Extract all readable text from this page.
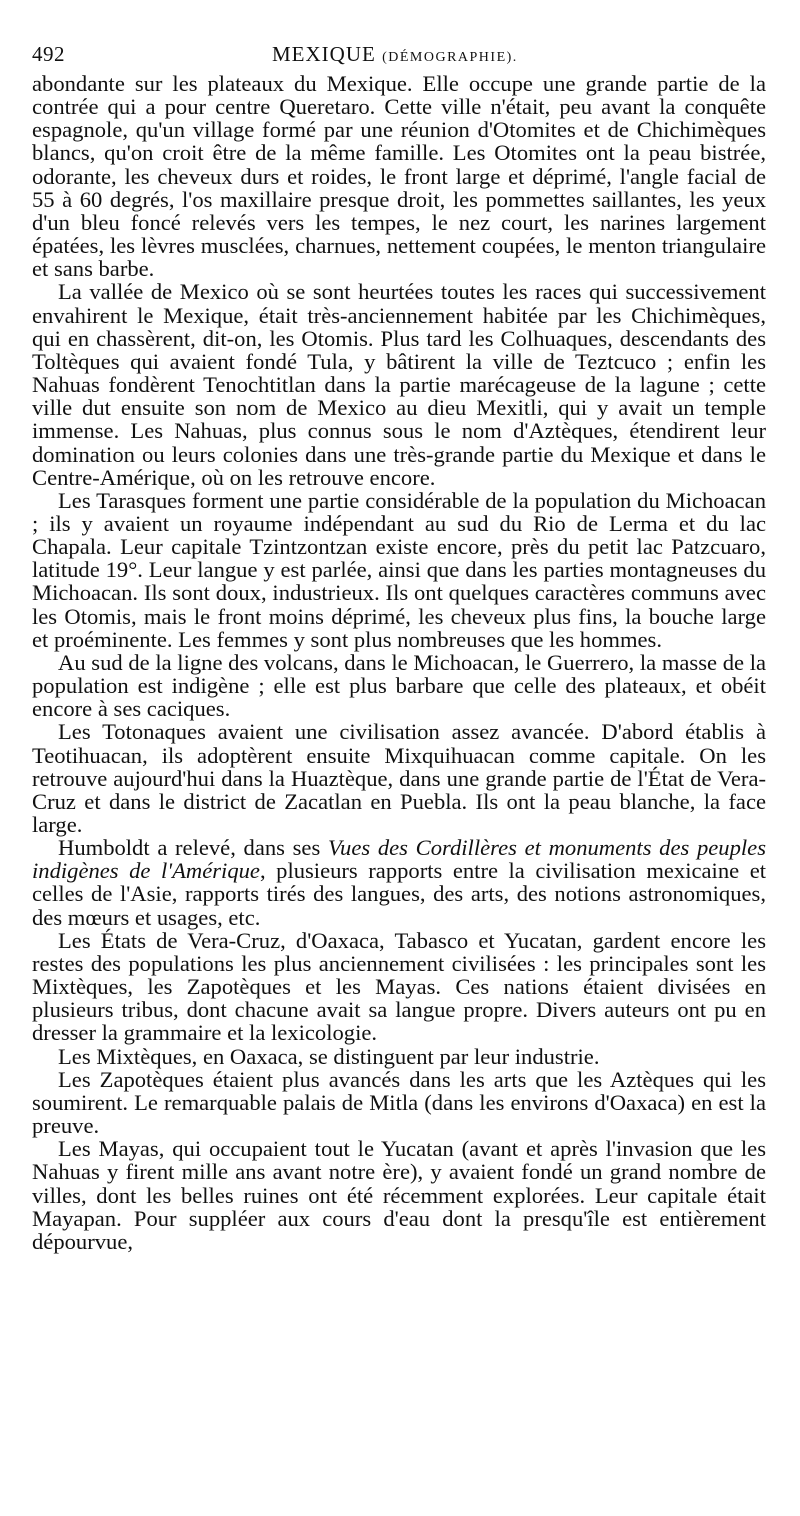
492	MEXIQUE (DÉMOGRAPHIE).

abondante sur les plateaux du Mexique. Elle occupe une grande partie de la contrée qui a pour centre Queretaro. Cette ville n'était, peu avant la conquête espagnole, qu'un village formé par une réunion d'Otomites et de Chichimèques blancs, qu'on croit être de la même famille. Les Otomites ont la peau bistrée, odorante, les cheveux durs et roides, le front large et déprimé, l'angle facial de 55 à 60 degrés, l'os maxillaire presque droit, les pommettes saillantes, les yeux d'un bleu foncé relevés vers les tempes, le nez court, les narines largement épatées, les lèvres musclées, charnues, nettement coupées, le menton triangulaire et sans barbe.

La vallée de Mexico où se sont heurtées toutes les races qui successivement envahirent le Mexique, était très-anciennement habitée par les Chichimèques, qui en chassèrent, dit-on, les Otomis. Plus tard les Colhuaques, descendants des Toltèques qui avaient fondé Tula, y bâtirent la ville de Teztcuco ; enfin les Nahuas fondèrent Tenochtitlan dans la partie marécageuse de la lagune ; cette ville dut ensuite son nom de Mexico au dieu Mexitli, qui y avait un temple immense. Les Nahuas, plus connus sous le nom d'Aztèques, étendirent leur domination ou leurs colonies dans une très-grande partie du Mexique et dans le Centre-Amérique, où on les retrouve encore.

Les Tarasques forment une partie considérable de la population du Michoacan ; ils y avaient un royaume indépendant au sud du Rio de Lerma et du lac Chapala. Leur capitale Tzintzontzan existe encore, près du petit lac Patzcuaro, latitude 19°. Leur langue y est parlée, ainsi que dans les parties montagneuses du Michoacan. Ils sont doux, industrieux. Ils ont quelques caractères communs avec les Otomis, mais le front moins déprimé, les cheveux plus fins, la bouche large et proéminente. Les femmes y sont plus nombreuses que les hommes.

Au sud de la ligne des volcans, dans le Michoacan, le Guerrero, la masse de la population est indigène ; elle est plus barbare que celle des plateaux, et obéit encore à ses caciques.

Les Totonaques avaient une civilisation assez avancée. D'abord établis à Teotihuacan, ils adoptèrent ensuite Mixquihuacan comme capitale. On les retrouve aujourd'hui dans la Huaztèque, dans une grande partie de l'État de Vera-Cruz et dans le district de Zacatlan en Puebla. Ils ont la peau blanche, la face large.

Humboldt a relevé, dans ses Vues des Cordillères et monuments des peuples indigènes de l'Amérique, plusieurs rapports entre la civilisation mexicaine et celles de l'Asie, rapports tirés des langues, des arts, des notions astronomiques, des mœurs et usages, etc.

Les États de Vera-Cruz, d'Oaxaca, Tabasco et Yucatan, gardent encore les restes des populations les plus anciennement civilisées : les principales sont les Mixtèques, les Zapotèques et les Mayas. Ces nations étaient divisées en plusieurs tribus, dont chacune avait sa langue propre. Divers auteurs ont pu en dresser la grammaire et la lexicologie.

Les Mixtèques, en Oaxaca, se distinguent par leur industrie.

Les Zapotèques étaient plus avancés dans les arts que les Aztèques qui les soumirent. Le remarquable palais de Mitla (dans les environs d'Oaxaca) en est la preuve.

Les Mayas, qui occupaient tout le Yucatan (avant et après l'invasion que les Nahuas y firent mille ans avant notre ère), y avaient fondé un grand nombre de villes, dont les belles ruines ont été récemment explorées. Leur capitale était Mayapan. Pour suppléer aux cours d'eau dont la presqu'île est entièrement dépourvue,
